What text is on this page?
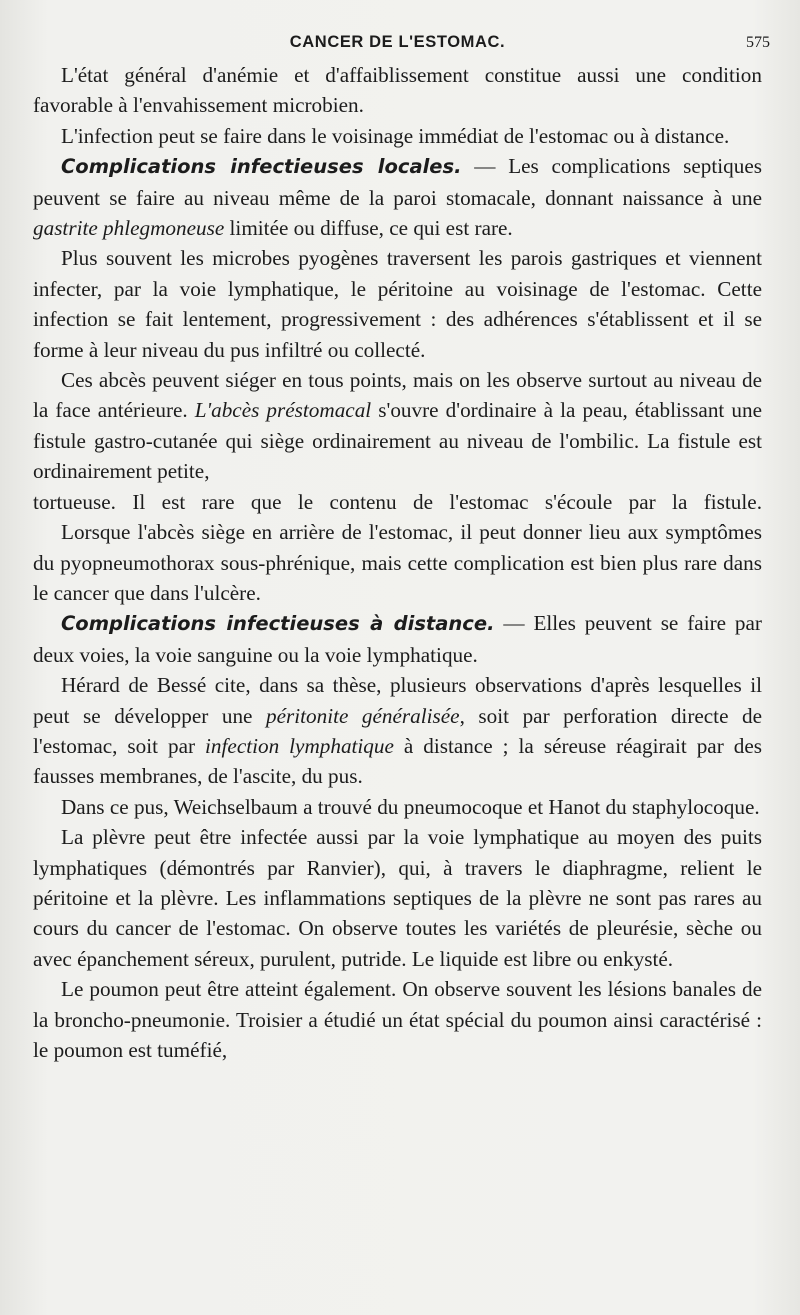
CANCER DE L'ESTOMAC.	575

L'état général d'anémie et d'affaiblissement constitue aussi une condition favorable à l'envahissement microbien.

L'infection peut se faire dans le voisinage immédiat de l'estomac ou à distance.

Complications infectieuses locales. — Les complications septiques peuvent se faire au niveau même de la paroi stomacale, donnant naissance à une gastrite phlegmoneuse limitée ou diffuse, ce qui est rare.

Plus souvent les microbes pyogènes traversent les parois gastriques et viennent infecter, par la voie lymphatique, le péritoine au voisinage de l'estomac. Cette infection se fait lentement, progressivement : des adhérences s'établissent et il se forme à leur niveau du pus infiltré ou collecté.

Ces abcès peuvent siéger en tous points, mais on les observe surtout au niveau de la face antérieure. L'abcès préstomacal s'ouvre d'ordinaire à la peau, établissant une fistule gastro-cutanée qui siège ordinairement au niveau de l'ombilic. La fistule est ordinairement petite,
tortueuse. Il est rare que le contenu de l'estomac s'écoule par la fistule.

Lorsque l'abcès siège en arrière de l'estomac, il peut donner lieu aux symptômes du pyopneumothorax sous-phrénique, mais cette complication est bien plus rare dans le cancer que dans l'ulcère.

Complications infectieuses à distance. — Elles peuvent se faire par deux voies, la voie sanguine ou la voie lymphatique.

Hérard de Bessé cite, dans sa thèse, plusieurs observations d'après lesquelles il peut se développer une péritonite généralisée, soit par perforation directe de l'estomac, soit par infection lymphatique à distance ; la séreuse réagirait par des fausses membranes, de l'ascite, du pus.

Dans ce pus, Weichselbaum a trouvé du pneumocoque et Hanot du staphylocoque.

La plèvre peut être infectée aussi par la voie lymphatique au moyen des puits lymphatiques (démontrés par Ranvier), qui, à travers le diaphragme, relient le péritoine et la plèvre. Les inflammations septiques de la plèvre ne sont pas rares au cours du cancer de l'estomac. On observe toutes les variétés de pleurésie, sèche ou avec épanchement séreux, purulent, putride. Le liquide est libre ou enkysté.

Le poumon peut être atteint également. On observe souvent les lésions banales de la broncho-pneumonie. Troisier a étudié un état spécial du poumon ainsi caractérisé : le poumon est tuméfié,
